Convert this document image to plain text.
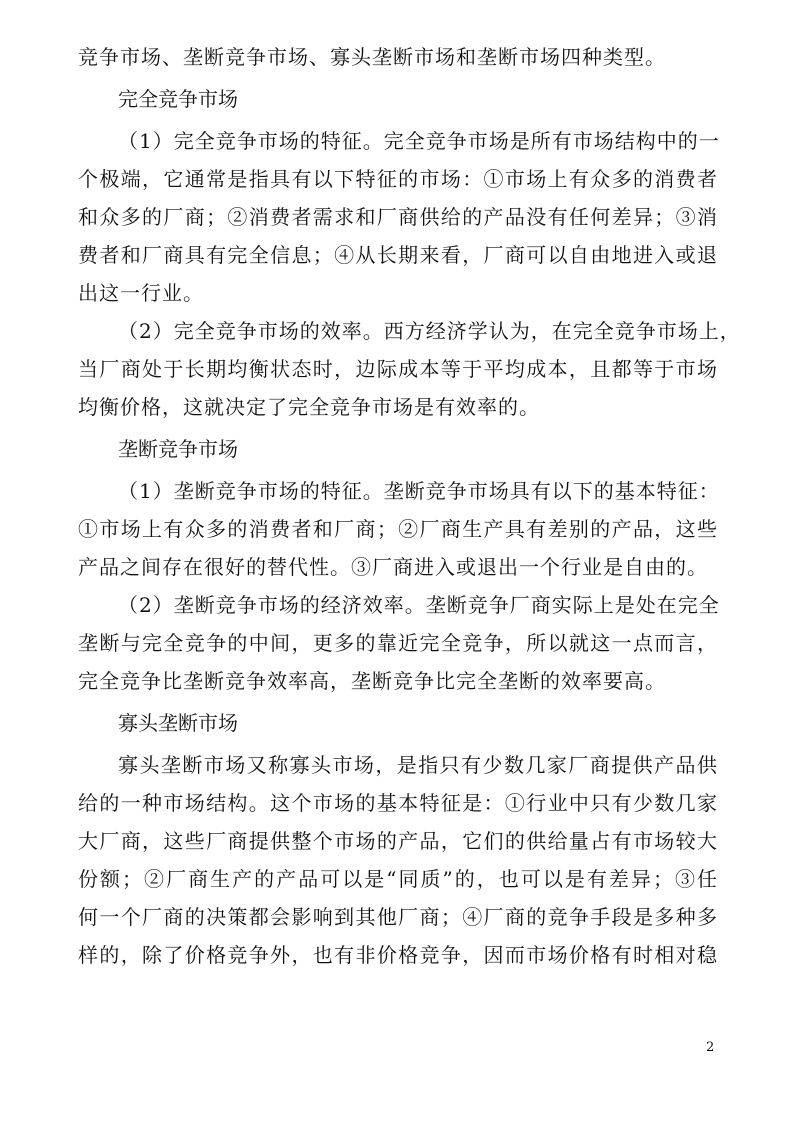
竞争市场、垄断竞争市场、寡头垄断市场和垄断市场四种类型。
完全竞争市场
（1）完全竞争市场的特征。完全竞争市场是所有市场结构中的一
个极端，它通常是指具有以下特征的市场：①市场上有众多的消费者
和众多的厂商；②消费者需求和厂商供给的产品没有任何差异；③消
费者和厂商具有完全信息；④从长期来看，厂商可以自由地进入或退
出这一行业。
（2）完全竞争市场的效率。西方经济学认为，在完全竞争市场上，
当厂商处于长期均衡状态时，边际成本等于平均成本，且都等于市场
均衡价格，这就决定了完全竞争市场是有效率的。
垄断竞争市场
（1）垄断竞争市场的特征。垄断竞争市场具有以下的基本特征：
①市场上有众多的消费者和厂商；②厂商生产具有差别的产品，这些
产品之间存在很好的替代性。③厂商进入或退出一个行业是自由的。
（2）垄断竞争市场的经济效率。垄断竞争厂商实际上是处在完全
垄断与完全竞争的中间，更多的靠近完全竞争，所以就这一点而言，
完全竞争比垄断竞争效率高，垄断竞争比完全垄断的效率要高。
寡头垄断市场
寡头垄断市场又称寡头市场，是指只有少数几家厂商提供产品供
给的一种市场结构。这个市场的基本特征是：①行业中只有少数几家
大厂商，这些厂商提供整个市场的产品，它们的供给量占有市场较大
份额；②厂商生产的产品可以是“同质”的，也可以是有差异；③任
何一个厂商的决策都会影响到其他厂商；④厂商的竞争手段是多种多
样的，除了价格竞争外，也有非价格竞争，因而市场价格有时相对稳
2
